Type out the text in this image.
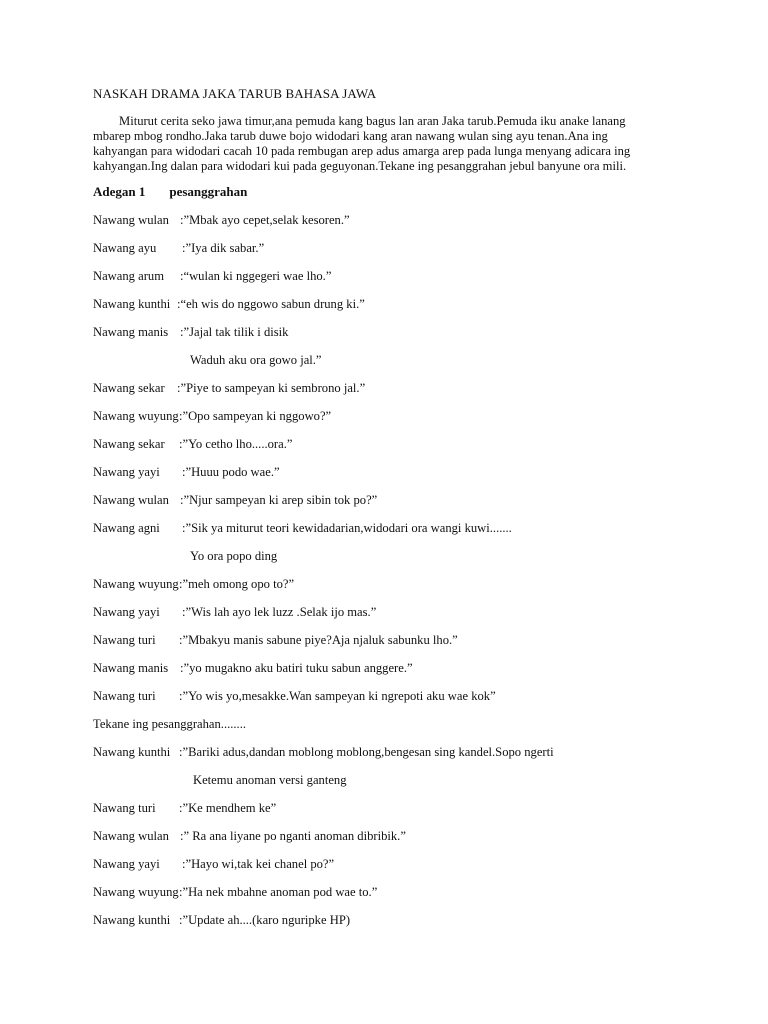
NASKAH DRAMA JAKA TARUB BAHASA JAWA
Miturut cerita seko jawa timur,ana pemuda kang bagus lan aran Jaka tarub.Pemuda iku anake lanang
mbarep mbog rondho.Jaka tarub duwe bojo widodari kang aran nawang wulan sing ayu tenan.Ana ing
kahyangan para widodari cacah 10 pada rembugan arep adus amarga arep pada lunga menyang adicara ing
kahyangan.Ing dalan para widodari kui pada geguyonan.Tekane ing pesanggrahan jebul banyune ora mili.
Adegan 1 pesanggrahan
Nawang wulan :”Mbak ayo cepet,selak kesoren.”
Nawang ayu :”Iya dik sabar.”
Nawang arum :“wulan ki nggegeri wae lho.”
Nawang kunthi :“eh wis do nggowo sabun drung ki.”
Nawang manis :”Jajal tak tilik i disik
Waduh aku ora gowo jal.”
Nawang sekar :”Piye to sampeyan ki sembrono jal.”
Nawang wuyung:”Opo sampeyan ki nggowo?”
Nawang sekar :”Yo cetho lho.....ora.”
Nawang yayi :”Huuu podo wae.”
Nawang wulan :”Njur sampeyan ki arep sibin tok po?”
Nawang agni :”Sik ya miturut teori kewidadarian,widodari ora wangi kuwi.......
Yo ora popo ding
Nawang wuyung:”meh omong opo to?”
Nawang yayi :”Wis lah ayo lek luzz .Selak ijo mas.”
Nawang turi :”Mbakyu manis sabune piye?Aja njaluk sabunku lho.”
Nawang manis :”yo mugakno aku batiri tuku sabun anggere.”
Nawang turi :”Yo wis yo,mesakke.Wan sampeyan ki ngrepoti aku wae kok”
Tekane ing pesanggrahan........
Nawang kunthi :”Bariki adus,dandan moblong moblong,bengesan sing kandel.Sopo ngerti
Ketemu anoman versi ganteng
Nawang turi :”Ke mendhem ke”
Nawang wulan :” Ra ana liyane po nganti anoman dibribik.”
Nawang yayi :”Hayo wi,tak kei chanel po?”
Nawang wuyung:”Ha nek mbahne anoman pod wae to.”
Nawang kunthi :”Update ah....(karo nguripke HP)
